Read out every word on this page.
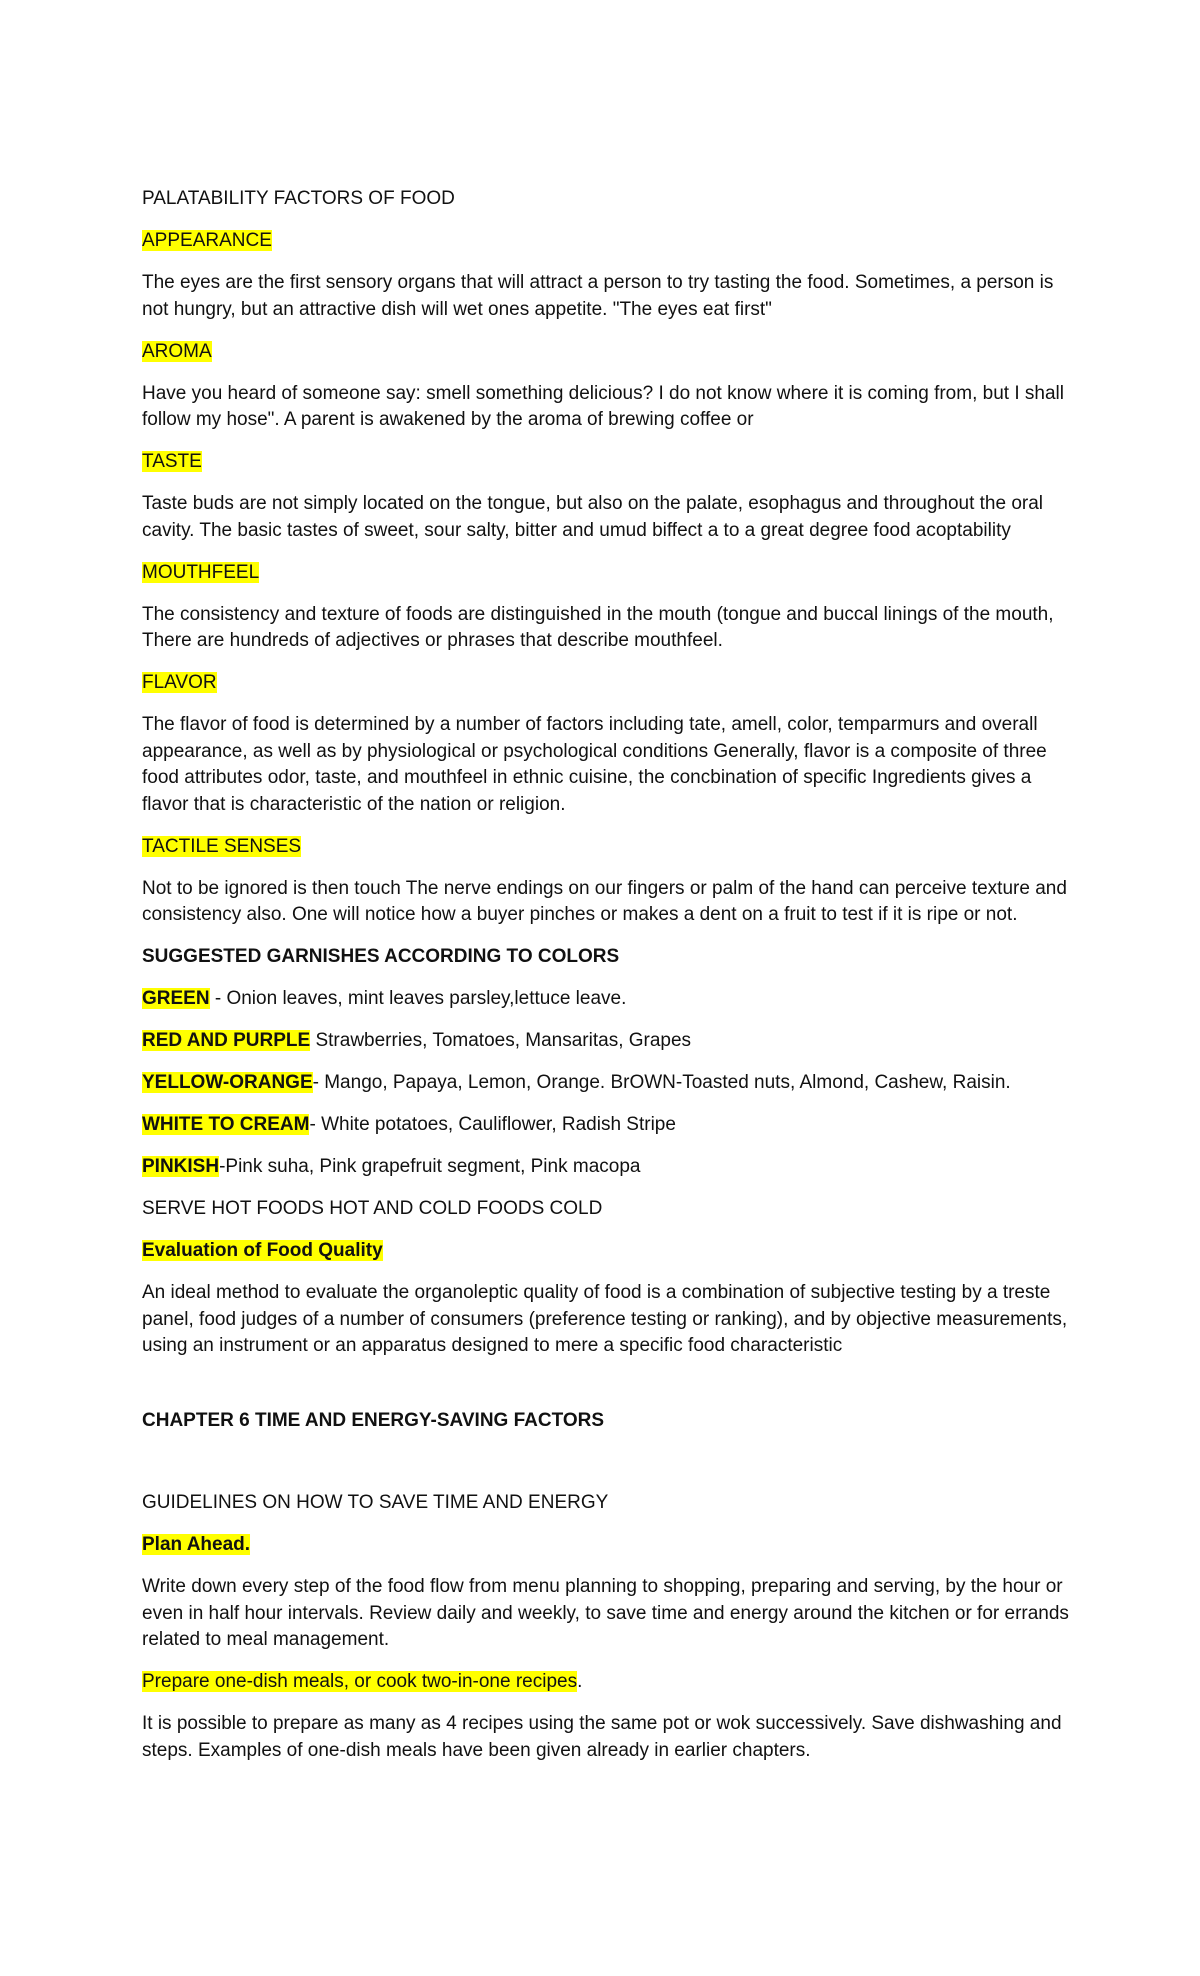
PALATABILITY FACTORS OF FOOD

APPEARANCE

The eyes are the first sensory organs that will attract a person to try tasting the food. Sometimes, a person is not hungry, but an attractive dish will wet ones appetite. "The eyes eat first"

AROMA

Have you heard of someone say: smell something delicious? I do not know where it is coming from, but I shall follow my hose". A parent is awakened by the aroma of brewing coffee or

TASTE

Taste buds are not simply located on the tongue, but also on the palate, esophagus and throughout the oral cavity. The basic tastes of sweet, sour salty, bitter and umud biffect a to a great degree food acoptability

MOUTHFEEL

The consistency and texture of foods are distinguished in the mouth (tongue and buccal linings of the mouth, There are hundreds of adjectives or phrases that describe mouthfeel.

FLAVOR

The flavor of food is determined by a number of factors including tate, amell, color, temparmurs and overall appearance, as well as by physiological or psychological conditions Generally, flavor is a composite of three food attributes odor, taste, and mouthfeel in ethnic cuisine, the concbination of specific Ingredients gives a flavor that is characteristic of the nation or religion.

TACTILE SENSES

Not to be ignored is then touch The nerve endings on our fingers or palm of the hand can perceive texture and consistency also. One will notice how a buyer pinches or makes a dent on a fruit to test if it is ripe or not.

SUGGESTED GARNISHES ACCORDING TO COLORS

GREEN - Onion leaves, mint leaves parsley,lettuce leave.

RED AND PURPLE Strawberries, Tomatoes, Mansaritas, Grapes

YELLOW-ORANGE- Mango, Papaya, Lemon, Orange. BrOWN-Toasted nuts, Almond, Cashew, Raisin.

WHITE TO CREAM- White potatoes, Cauliflower, Radish Stripe

PINKISH-Pink suha, Pink grapefruit segment, Pink macopa

SERVE HOT FOODS HOT AND COLD FOODS COLD

Evaluation of Food Quality

An ideal method to evaluate the organoleptic quality of food is a combination of subjective testing by a treste panel, food judges of a number of consumers (preference testing or ranking), and by objective measurements, using an instrument or an apparatus designed to mere a specific food characteristic

CHAPTER 6 TIME AND ENERGY-SAVING FACTORS

GUIDELINES ON HOW TO SAVE TIME AND ENERGY

Plan Ahead.

Write down every step of the food flow from menu planning to shopping, preparing and serving, by the hour or even in half hour intervals. Review daily and weekly, to save time and energy around the kitchen or for errands related to meal management.

Prepare one-dish meals, or cook two-in-one recipes.

It is possible to prepare as many as 4 recipes using the same pot or wok successively. Save dishwashing and steps. Examples of one-dish meals have been given already in earlier chapters.
